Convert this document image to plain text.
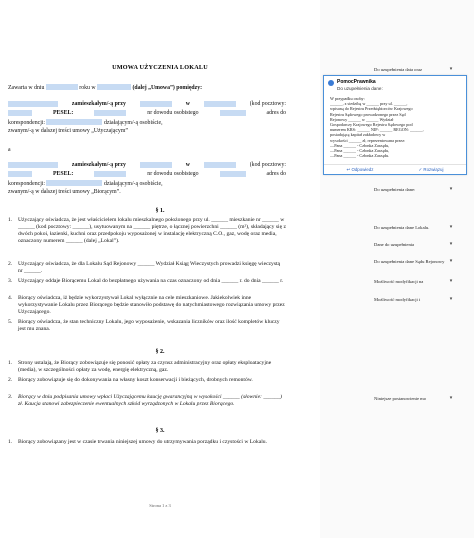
UMOWA UŻYCZENIA LOKALU
Zawarta w dniu	roku w	(dalej „Umowa”) pomiędzy:
zamieszkałym/-ą przy	w	(kod pocztowy:
PESEL:	nr dowodu osobistego	adres do
korespondencji:	działającym/-ą osobiście,
zwanym/-ą w dalszej treści umowy „Użyczającym”
a
zamieszkałym/-ą przy	w	(kod pocztowy:
PESEL:	nr dowodu osobistego	adres do
korespondencji:	działającym/-ą osobiście,
zwanym/-ą w dalszej treści umowy „Biorącym”.
§ 1.
1. Użyczający oświadcza, że jest właścicielem lokalu mieszkalnego położonego przy ul. ______ mieszkanie nr ______ w ______ (kod pocztowy: ______), usytuowanym na ______ piętrze, o łącznej powierzchni ______ (m²), składający się z dwóch pokoi, łazienki, kuchni oraz przedpokoju wyposażonej w instalację elektryczną C.O., gaz, wodę oraz media, oznaczony numerem ______ (dalej „Lokal”).
2. Użyczający oświadcza, że dla Lokalu Sąd Rejonowy ______ Wydział Ksiąg Wieczystych prowadzi księgę wieczystą nr ______.
3. Użyczający oddaje Biorącemu Lokal do bezpłatnego używania na czas oznaczony od dnia ______ r. do dnia ______ r.
4. Biorący oświadcza, iż będzie wykorzystywał Lokal wyłącznie na cele mieszkaniowe. Jakiekolwiek inne wykorzystywanie Lokalu przez Biorącego będzie stanowiło podstawę do natychmiastowego rozwiązania umowy przez Użyczającego.
5. Biorący oświadcza, że stan techniczny Lokalu, jego wyposażenie, wskazania liczników oraz ilość kompletów kluczy jest mu znana.
§ 2.
1. Strony ustalają, że Biorący zobowiązuje się ponosić opłaty za czynsz administracyjny oraz opłaty eksploatacyjne (media), w szczególności opłaty za wodę, energię elektryczną, gaz.
2. Biorący zobowiązuje się do dokonywania na własny koszt konserwacji i bieżących, drobnych remontów.
3. Biorący w dniu podpisania umowy wpłaci Użyczającemu kaucję gwarancyjną w wysokości ______ (słownie: ______) zł. Kaucja stanowi zabezpieczenie ewentualnych szkód wyrządzonych w Lokalu przez Biorącego.
§ 3.
1. Biorący zobowiązany jest w czasie trwania niniejszej umowy do utrzymywania porządku i czystości w Lokalu.
Strona 1 z 3
Do uzupełnienia data oraz	▾
PomocPrawnika
Do uzupełnienia dane:
W przypadku osoby:
______, z siedzibą w ______ przy ul. ______,
wpisaną do Rejestru Przedsiębiorców Krajowego
Rejestru Sądowego prowadzonego przez Sąd
Rejonowy ______ w ______ Wydział
Gospodarczy Krajowego Rejestru Sądowego pod
numerem KRS: ______ NIP: ______ REGON: ______,
posiadającą kapitał zakładowy w
wysokości ______ zł, reprezentowana przez:
—Pana ______ - Członka Zarządu,
—Pana ______ - Członka Zarządu,
—Pana ______ - Członka Zarządu.
↩ Odpowiedz	✓ Rozwiązuj
Do uzupełnienia dane:	▾
Do uzupełnienia dane Lokalu.	▾
Dane do uzupełnienia	▾
Do uzupełnienia dane Sądu Rejonowy	▾
Możliwość modyfikacji na	▾
Możliwość modyfikacji i	▾
Niniejsze postanowienie mo	▾
